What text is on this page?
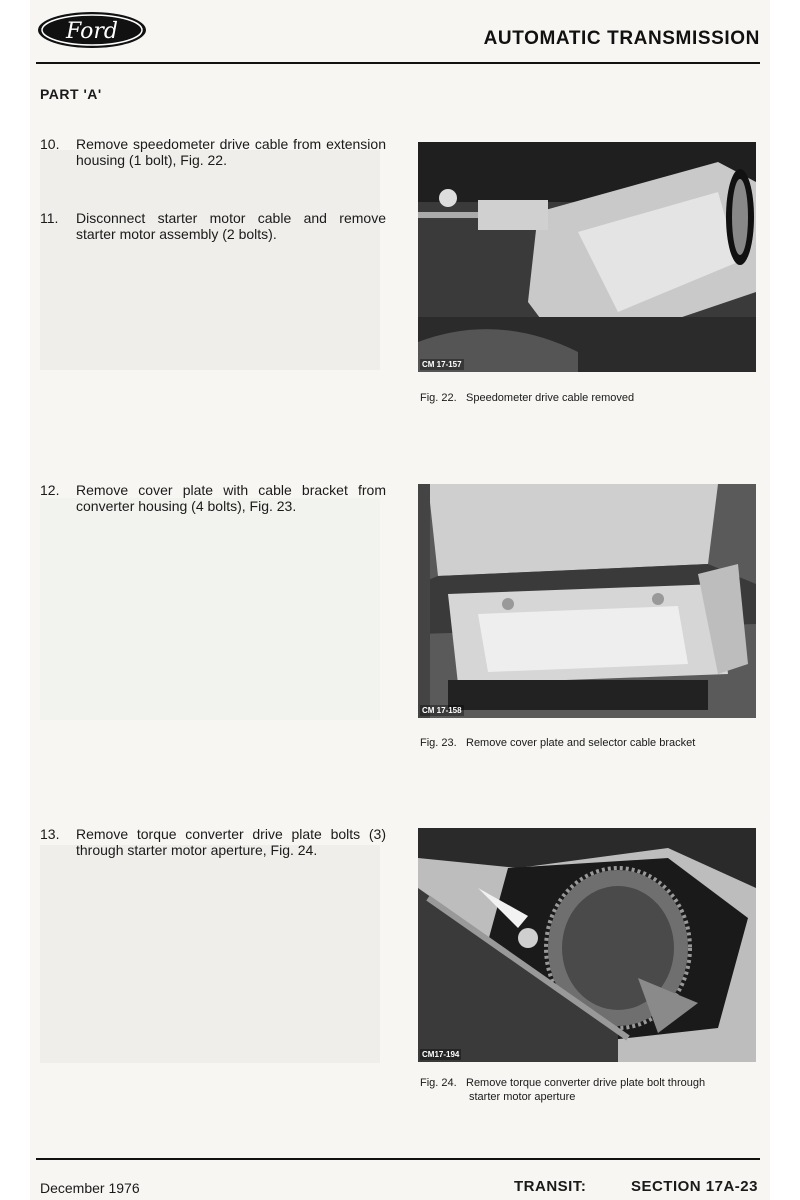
Ford	AUTOMATIC TRANSMISSION
PART 'A'
10.	Remove speedometer drive cable from extension housing (1 bolt), Fig. 22.
11.	Disconnect starter motor cable and remove starter motor assembly (2 bolts).
12.	Remove cover plate with cable bracket from converter housing (4 bolts), Fig. 23.
13.	Remove torque converter drive plate bolts (3) through starter motor aperture, Fig. 24.
CM 17-157
Fig. 22. Speedometer drive cable removed
CM 17-158
Fig. 23. Remove cover plate and selector cable bracket
CM17-194
Fig. 24. Remove torque converter drive plate bolt through
starter motor aperture
December 1976	TRANSIT:	SECTION 17A-23
